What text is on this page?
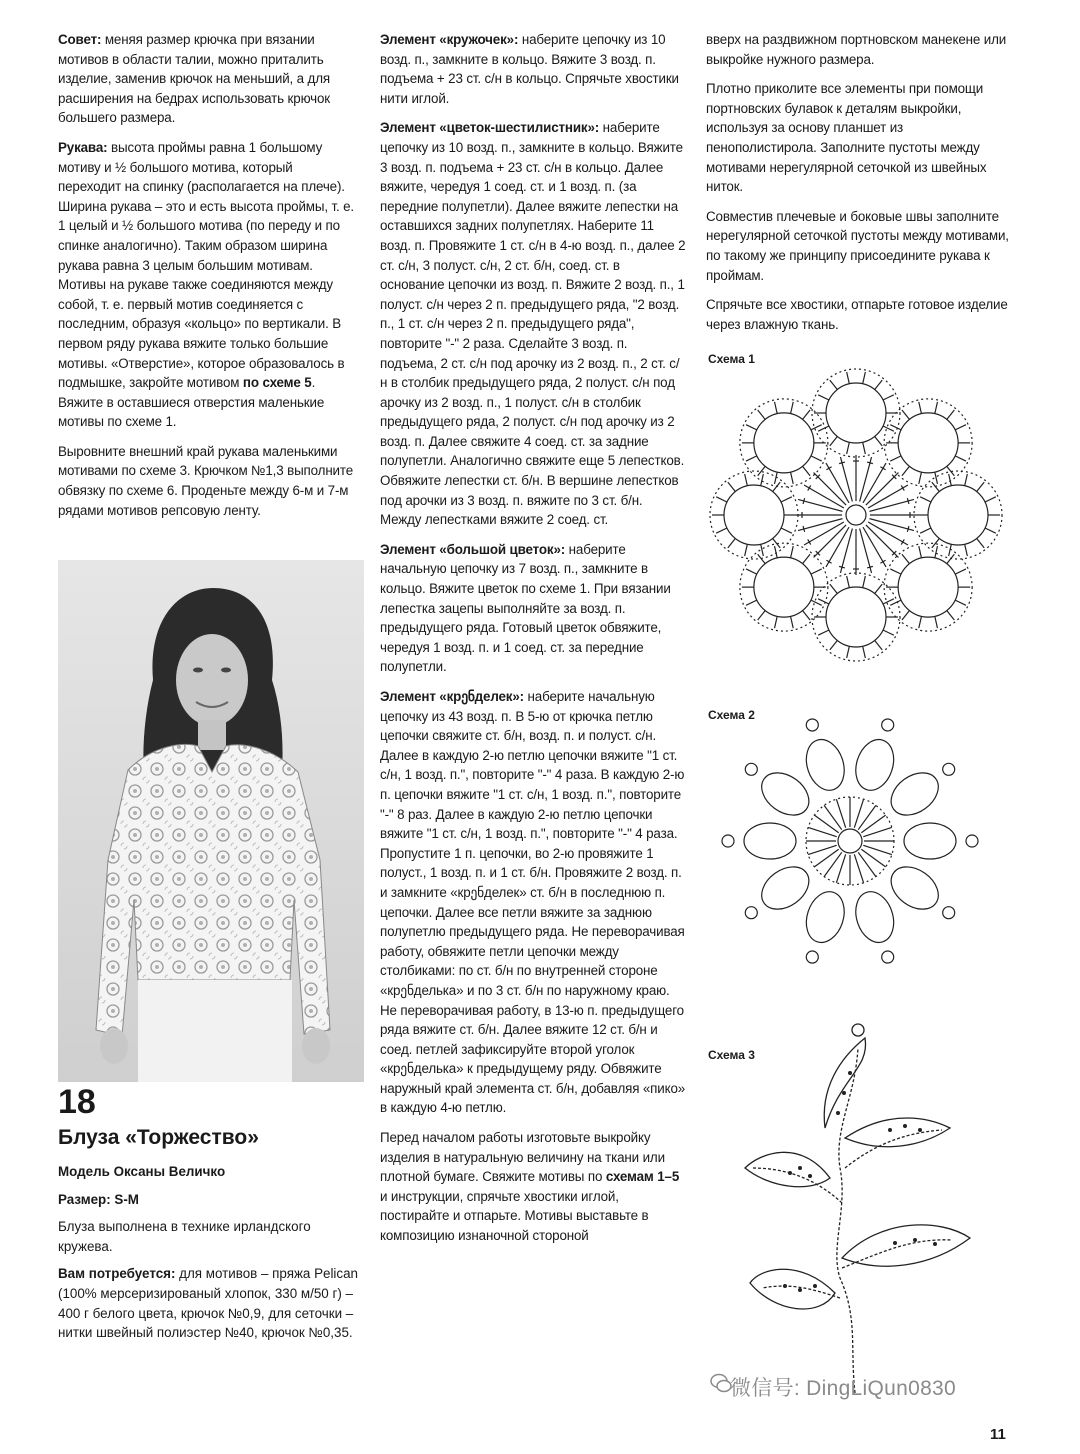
Совет: меняя размер крючка при вязании мотивов в области талии, можно приталить изделие, заменив крючок на меньший, а для расширения на бедрах использовать крючок большего размера.

Рукава: высота проймы равна 1 большому мотиву и ½ большого мотива, который переходит на спинку (располагается на плече). Ширина рукава – это и есть высота проймы, т. е. 1 целый и ½ большого мотива (по переду и по спинке аналогично). Таким образом ширина рукава равна 3 целым большим мотивам. Мотивы на рукаве также соединяются между собой, т. е. первый мотив соединяется с последним, образуя «кольцо» по вертикали. В первом ряду рукава вяжите только большие мотивы. «Отверстие», которое образовалось в подмышке, закройте мотивом по схеме 5. Вяжите в оставшиеся отверстия маленькие мотивы по схеме 1.

Выровните внешний край рукава маленькими мотивами по схеме 3. Крючком №1,3 выполните обвязку по схеме 6. Проденьте между 6-м и 7-м рядами мотивов репсовую ленту.

18
Блуза «Торжество»

Модель Оксаны Величко

Размер: S-M

Блуза выполнена в технике ирландского кружева.

Вам потребуется: для мотивов – пряжа Pelican (100% мерсеризированый хлопок, 330 м/50 г) – 400 г белого цвета, крючок №0,9, для сеточки – нитки швейный полиэстер №40, крючок №0,35.

Элемент «кружочек»: наберите цепочку из 10 возд. п., замкните в кольцо. Вяжите 3 возд. п. подъема + 23 ст. с/н в кольцо. Спрячьте хвостики нити иглой.

Элемент «цветок-шестилистник»: наберите цепочку из 10 возд. п., замкните в кольцо. Вяжите 3 возд. п. подъема + 23 ст. с/н в кольцо. Далее вяжите, чередуя 1 соед. ст. и 1 возд. п. (за передние полупетли). Далее вяжите лепестки на оставшихся задних полупетлях. Наберите 11 возд. п. Провяжите 1 ст. с/н в 4-ю возд. п., далее 2 ст. с/н, 3 полуст. с/н, 2 ст. б/н, соед. ст. в основание цепочки из возд. п. Вяжите 2 возд. п., 1 полуст. с/н через 2 п. предыдущего ряда, "2 возд. п., 1 ст. с/н через 2 п. предыдущего ряда", повторите "-" 2 раза. Сделайте 3 возд. п. подъема, 2 ст. с/н под арочку из 2 возд. п., 2 ст. с/н в столбик предыдущего ряда, 2 полуст. с/н под арочку из 2 возд. п., 1 полуст. с/н в столбик предыдущего ряда, 2 полуст. с/н под арочку из 2 возд. п. Далее свяжите 4 соед. ст. за задние полупетли. Аналогично свяжите еще 5 лепестков. Обвяжите лепестки ст. б/н. В вершине лепестков под арочки из 3 возд. п. вяжите по 3 ст. б/н. Между лепестками вяжите 2 соед. ст.

Элемент «большой цветок»: наберите начальную цепочку из 7 возд. п., замкните в кольцо. Вяжите цветок по схеме 1. При вязании лепестка зацепы выполняйте за возд. п. предыдущего ряда. Готовый цветок обвяжите, чередуя 1 возд. п. и 1 соед. ст. за передние полупетли.

Элемент «крენделек»: наберите начальную цепочку из 43 возд. п. В 5-ю от крючка петлю цепочки свяжите ст. б/н, возд. п. и полуст. с/н. Далее в каждую 2-ю петлю цепочки вяжите "1 ст. с/н, 1 возд. п.", повторите "-" 4 раза. В каждую 2-ю п. цепочки вяжите "1 ст. с/н, 1 возд. п.", повторите "-" 8 раз. Далее в каждую 2-ю петлю цепочки вяжите "1 ст. с/н, 1 возд. п.", повторите "-" 4 раза. Пропустите 1 п. цепочки, во 2-ю провяжите 1 полуст., 1 возд. п. и 1 ст. б/н. Провяжите 2 возд. п. и замкните «крენделек» ст. б/н в последнюю п. цепочки. Далее все петли вяжите за заднюю полупетлю предыдущего ряда. Не переворачивая работу, обвяжите петли цепочки между столбиками: по ст. б/н по внутренней стороне «крენделька» и по 3 ст. б/н по наружному краю. Не переворачивая работу, в 13-ю п. предыдущего ряда вяжите ст. б/н. Далее вяжите 12 ст. б/н и соед. петлей зафиксируйте второй уголок «крენделька» к предыдущему ряду. Обвяжите наружный край элемента ст. б/н, добавляя «пико» в каждую 4-ю петлю.

Перед началом работы изготовьте выкройку изделия в натуральную величину на ткани или плотной бумаге. Свяжите мотивы по схемам 1–5 и инструкции, спрячьте хвостики иглой, постирайте и отпарьте. Мотивы выставьте в композицию изнаночной стороной

вверх на раздвижном портновском манекене или выкройке нужного размера.

Плотно приколите все элементы при помощи портновских булавок к деталям выкройки, используя за основу планшет из пенополистирола. Заполните пустоты между мотивами нерегулярной сеточкой из швейных ниток.

Совместив плечевые и боковые швы заполните нерегулярной сеточкой пустоты между мотивами, по такому же принципу присоедините рукава к проймам.

Спрячьте все хвостики, отпарьте готовое изделие через влажную ткань.

Схема 1
Схема 2
Схема 3
微信号: DingLiQun0830
11
